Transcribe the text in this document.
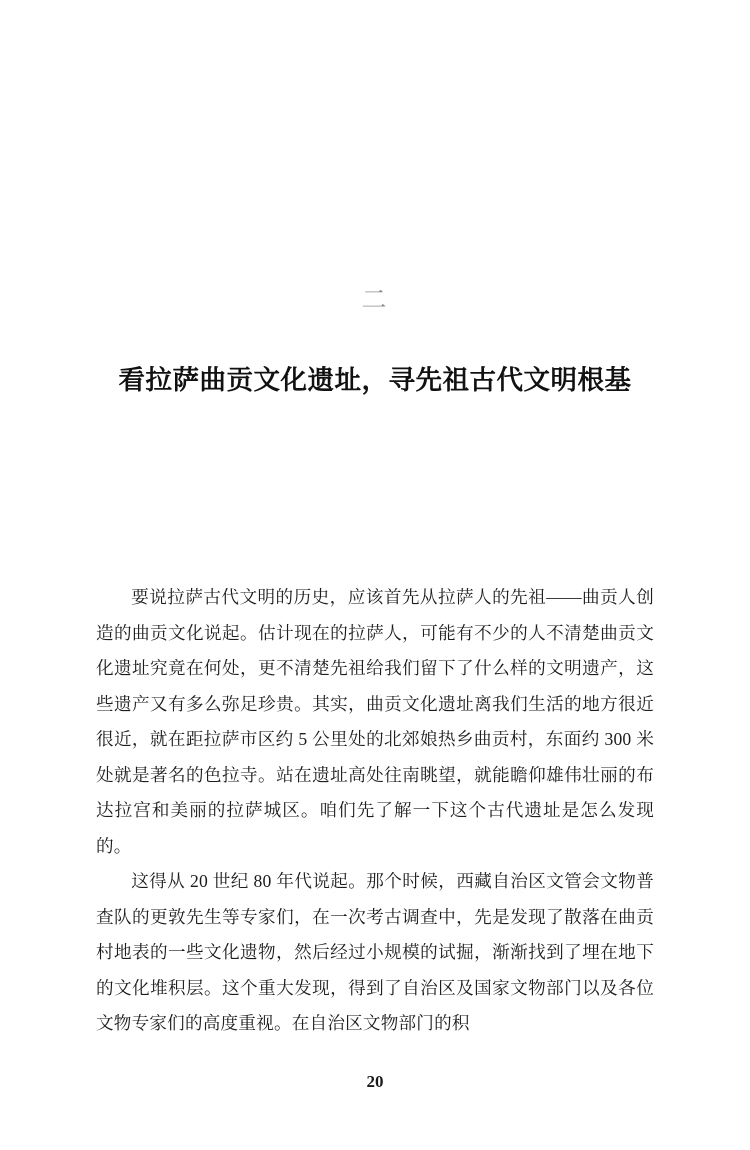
二
看拉萨曲贡文化遗址，寻先祖古代文明根基

要说拉萨古代文明的历史，应该首先从拉萨人的先祖——曲贡人创造的曲贡文化说起。估计现在的拉萨人，可能有不少的人不清楚曲贡文化遗址究竟在何处，更不清楚先祖给我们留下了什么样的文明遗产，这些遗产又有多么弥足珍贵。其实，曲贡文化遗址离我们生活的地方很近很近，就在距拉萨市区约 5 公里处的北郊娘热乡曲贡村，东面约 300 米处就是著名的色拉寺。站在遗址高处往南眺望，就能瞻仰雄伟壮丽的布达拉宫和美丽的拉萨城区。咱们先了解一下这个古代遗址是怎么发现的。

这得从 20 世纪 80 年代说起。那个时候，西藏自治区文管会文物普查队的更敦先生等专家们，在一次考古调查中，先是发现了散落在曲贡村地表的一些文化遗物，然后经过小规模的试掘，渐渐找到了埋在地下的文化堆积层。这个重大发现，得到了自治区及国家文物部门以及各位文物专家们的高度重视。在自治区文物部门的积

20
